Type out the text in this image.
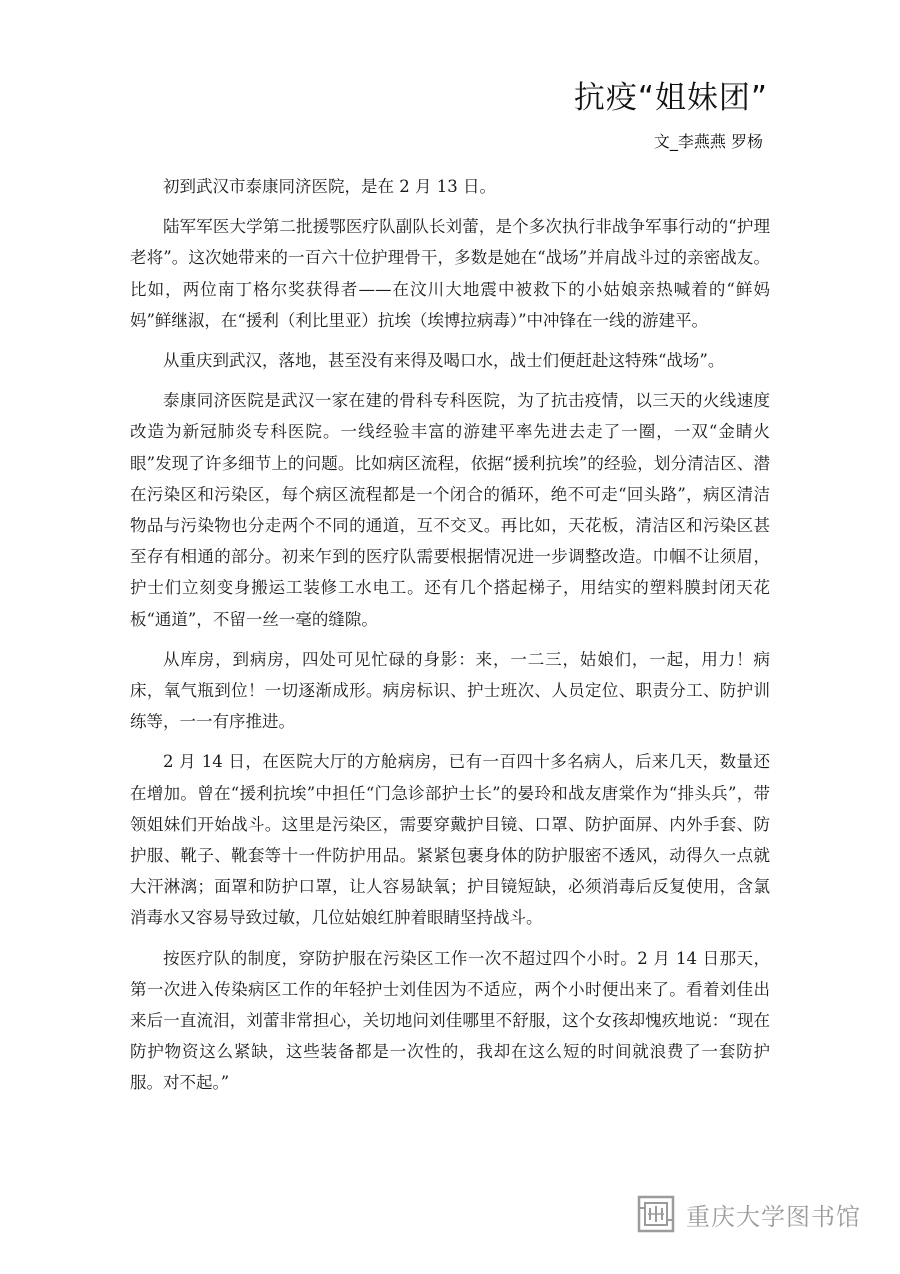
抗疫“姐妹团”
文_李燕燕 罗杨

初到武汉市泰康同济医院，是在 2 月 13 日。

陆军军医大学第二批援鄂医疗队副队长刘蕾，是个多次执行非战争军事行动的“护理老将”。这次她带来的一百六十位护理骨干，多数是她在“战场”并肩战斗过的亲密战友。比如，两位南丁格尔奖获得者——在汶川大地震中被救下的小姑娘亲热喊着的“鲜妈妈”鲜继淑，在“援利（利比里亚）抗埃（埃博拉病毒）”中冲锋在一线的游建平。

从重庆到武汉，落地，甚至没有来得及喝口水，战士们便赶赴这特殊“战场”。

泰康同济医院是武汉一家在建的骨科专科医院，为了抗击疫情，以三天的火线速度改造为新冠肺炎专科医院。一线经验丰富的游建平率先进去走了一圈，一双“金睛火眼”发现了许多细节上的问题。比如病区流程，依据“援利抗埃”的经验，划分清洁区、潜在污染区和污染区，每个病区流程都是一个闭合的循环，绝不可走“回头路”，病区清洁物品与污染物也分走两个不同的通道，互不交叉。再比如，天花板，清洁区和污染区甚至存有相通的部分。初来乍到的医疗队需要根据情况进一步调整改造。巾帼不让须眉，护士们立刻变身搬运工装修工水电工。还有几个搭起梯子，用结实的塑料膜封闭天花板“通道”，不留一丝一毫的缝隙。

从库房，到病房，四处可见忙碌的身影：来，一二三，姑娘们，一起，用力！病床，氧气瓶到位！一切逐渐成形。病房标识、护士班次、人员定位、职责分工、防护训练等，一一有序推进。

2 月 14 日，在医院大厅的方舱病房，已有一百四十多名病人，后来几天，数量还在增加。曾在“援利抗埃”中担任“门急诊部护士长”的晏玲和战友唐棠作为“排头兵”，带领姐妹们开始战斗。这里是污染区，需要穿戴护目镜、口罩、防护面屏、内外手套、防护服、靴子、靴套等十一件防护用品。紧紧包裹身体的防护服密不透风，动得久一点就大汗淋漓；面罩和防护口罩，让人容易缺氧；护目镜短缺，必须消毒后反复使用，含氯消毒水又容易导致过敏，几位姑娘红肿着眼睛坚持战斗。

按医疗队的制度，穿防护服在污染区工作一次不超过四个小时。2 月 14 日那天，第一次进入传染病区工作的年轻护士刘佳因为不适应，两个小时便出来了。看着刘佳出来后一直流泪，刘蕾非常担心，关切地问刘佳哪里不舒服，这个女孩却愧疚地说：“现在防护物资这么紧缺，这些装备都是一次性的，我却在这么短的时间就浪费了一套防护服。对不起。”

重庆大学图书馆
